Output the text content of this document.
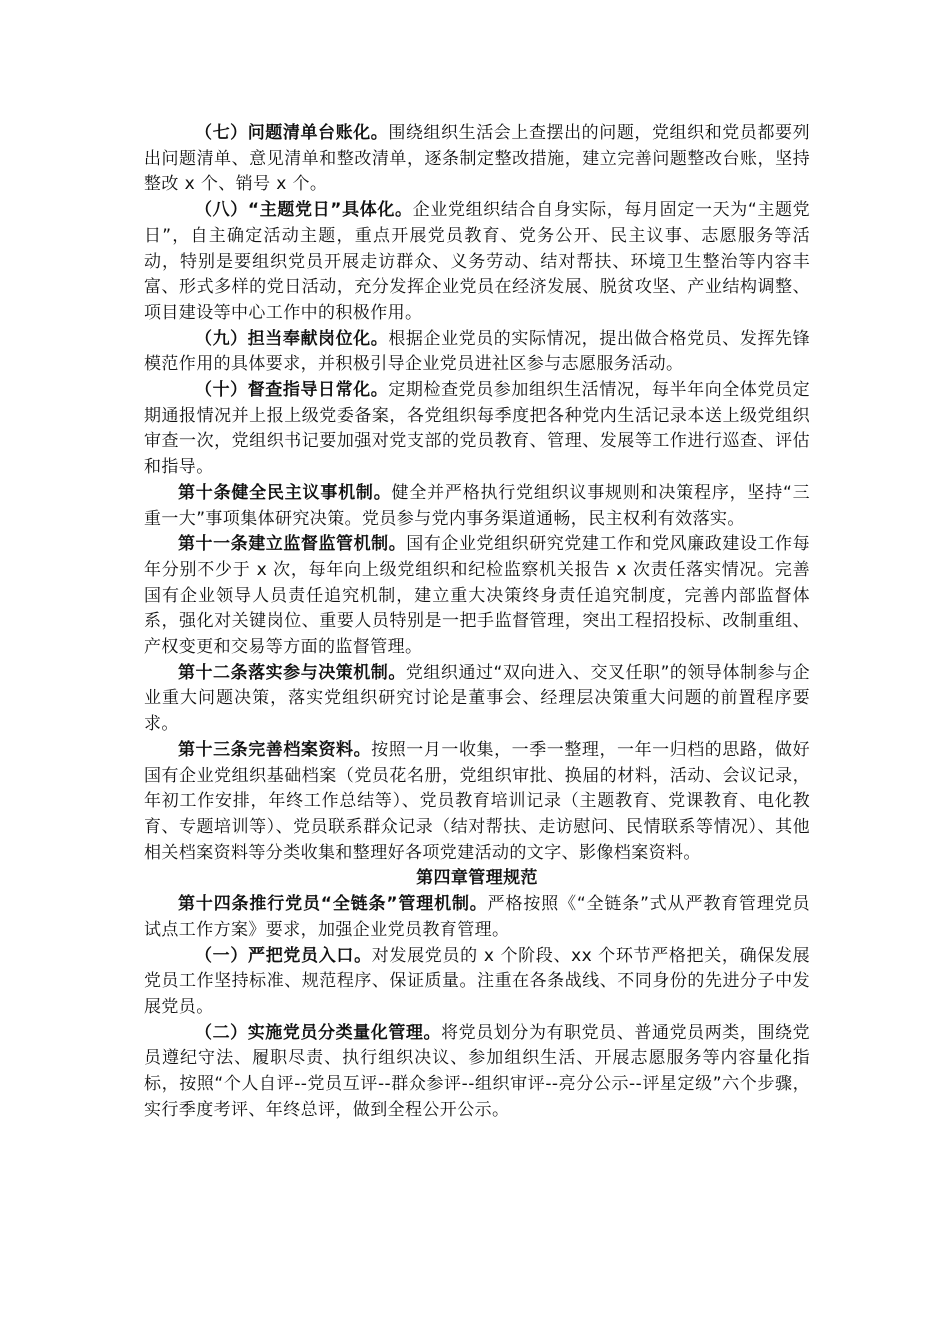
（七）问题清单台账化。围绕组织生活会上查摆出的问题，党组织和党员都要列出问题清单、意见清单和整改清单，逐条制定整改措施，建立完善问题整改台账，坚持整改 x 个、销号 x 个。

（八）“主题党日”具体化。企业党组织结合自身实际，每月固定一天为“主题党日”，自主确定活动主题，重点开展党员教育、党务公开、民主议事、志愿服务等活动，特别是要组织党员开展走访群众、义务劳动、结对帮扶、环境卫生整治等内容丰富、形式多样的党日活动，充分发挥企业党员在经济发展、脱贫攻坚、产业结构调整、项目建设等中心工作中的积极作用。

（九）担当奉献岗位化。根据企业党员的实际情况，提出做合格党员、发挥先锋模范作用的具体要求，并积极引导企业党员进社区参与志愿服务活动。

（十）督查指导日常化。定期检查党员参加组织生活情况，每半年向全体党员定期通报情况并上报上级党委备案，各党组织每季度把各种党内生活记录本送上级党组织审查一次，党组织书记要加强对党支部的党员教育、管理、发展等工作进行巡查、评估和指导。

第十条健全民主议事机制。健全并严格执行党组织议事规则和决策程序，坚持“三重一大”事项集体研究决策。党员参与党内事务渠道通畅，民主权利有效落实。

第十一条建立监督监管机制。国有企业党组织研究党建工作和党风廉政建设工作每年分别不少于 x 次，每年向上级党组织和纪检监察机关报告 x 次责任落实情况。完善国有企业领导人员责任追究机制，建立重大决策终身责任追究制度，完善内部监督体系，强化对关键岗位、重要人员特别是一把手监督管理，突出工程招投标、改制重组、产权变更和交易等方面的监督管理。

第十二条落实参与决策机制。党组织通过“双向进入、交叉任职”的领导体制参与企业重大问题决策，落实党组织研究讨论是董事会、经理层决策重大问题的前置程序要求。

第十三条完善档案资料。按照一月一收集，一季一整理，一年一归档的思路，做好国有企业党组织基础档案（党员花名册，党组织审批、换届的材料，活动、会议记录，年初工作安排，年终工作总结等）、党员教育培训记录（主题教育、党课教育、电化教育、专题培训等）、党员联系群众记录（结对帮扶、走访慰问、民情联系等情况）、其他相关档案资料等分类收集和整理好各项党建活动的文字、影像档案资料。

第四章管理规范

第十四条推行党员“全链条”管理机制。严格按照《“全链条”式从严教育管理党员试点工作方案》要求，加强企业党员教育管理。

（一）严把党员入口。对发展党员的 x 个阶段、xx 个环节严格把关，确保发展党员工作坚持标准、规范程序、保证质量。注重在各条战线、不同身份的先进分子中发展党员。

（二）实施党员分类量化管理。将党员划分为有职党员、普通党员两类，围绕党员遵纪守法、履职尽责、执行组织决议、参加组织生活、开展志愿服务等内容量化指标，按照“个人自评--党员互评--群众参评--组织审评--亮分公示--评星定级”六个步骤，实行季度考评、年终总评，做到全程公开公示。
